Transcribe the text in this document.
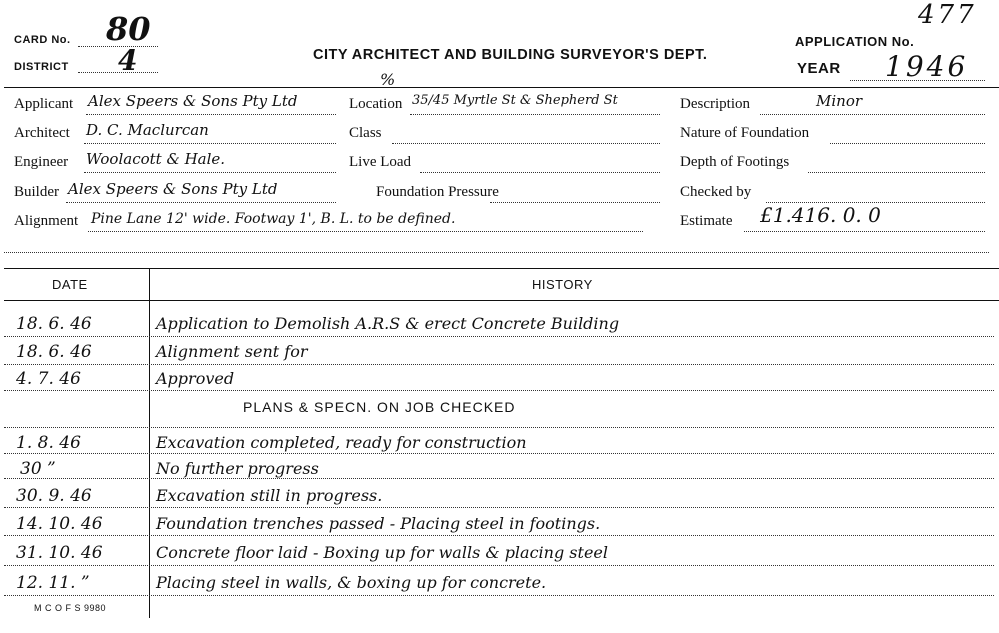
CARD No. 80
DISTRICT 4	CITY ARCHITECT AND BUILDING SURVEYOR'S DEPT.
%
APPLICATION No.
477
YEAR 1946
Applicant Alex Speers & Sons Pty Ltd
Architect D. C. Maclurcan
Engineer Woolacott & Hale.
Builder Alex Speers & Sons Pty Ltd
Alignment Pine Lane 12' wide. Footway 1', B. L. to be defined.
Location 35/45 Myrtle St & Shepherd St
Class
Live Load
Foundation Pressure
Description	Minor
Nature of Foundation
Depth of Footings
Checked by
Estimate £1.416. 0. 0
DATE	HISTORY
18. 6. 46	Application to Demolish A.R.S & erect Concrete Building
18. 6. 46	Alignment sent for
4. 7. 46	Approved
PLANS & SPECN. ON JOB CHECKED
1. 8. 46	Excavation completed, ready for construction
30 ”	No further progress
30. 9. 46	Excavation still in progress.
14. 10. 46	Foundation trenches passed - Placing steel in footings.
31. 10. 46	Concrete floor laid - Boxing up for walls & placing steel
12. 11. ”	Placing steel in walls, & boxing up for concrete.
M C O F S 9980
